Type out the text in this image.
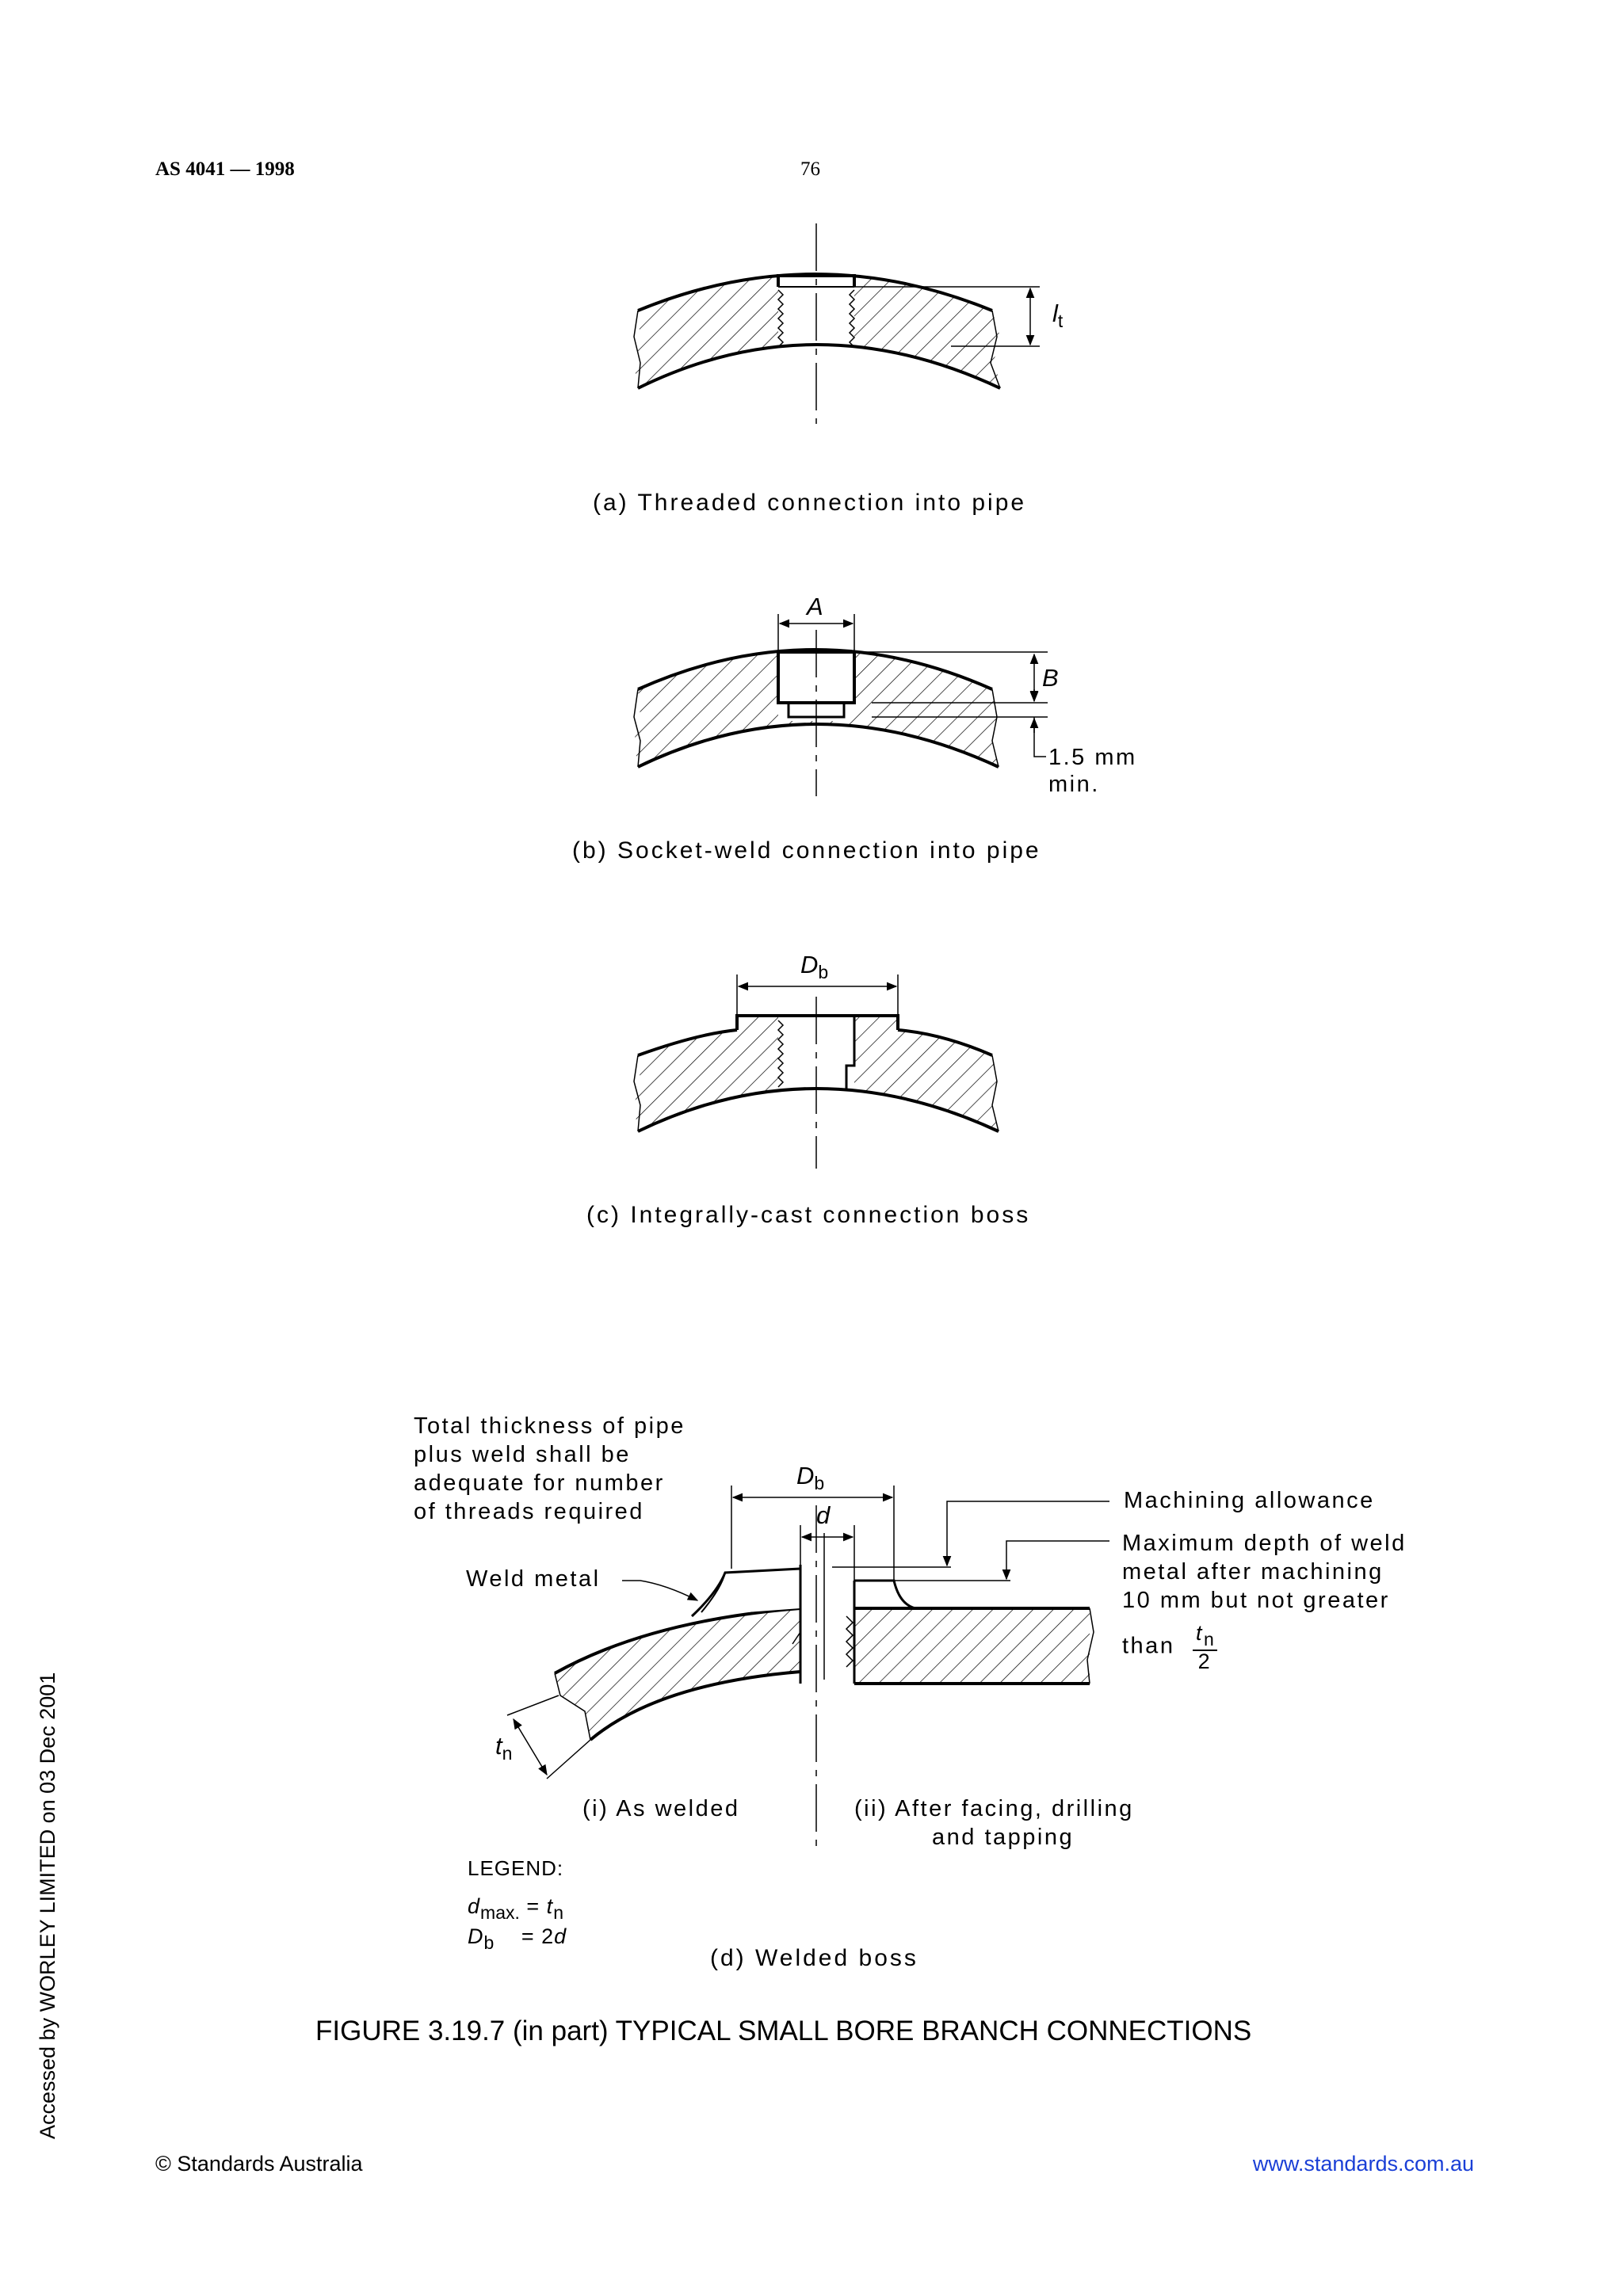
AS 4041 — 1998	76
$l_t$
(a) Threaded connection into pipe
A
B
1.5 mm
min.
(b) Socket-weld connection into pipe
$D_b$
(c) Integrally-cast connection boss
Total thickness of pipe
plus weld shall be
adequate for number
of threads required
$D_b$
d
Machining allowance
Maximum depth of weld
metal after machining
10 mm but not greater
than $\frac{tn}{2}$
Weld metal
$t_n$
(i) As welded	(ii) After facing, drilling
and tapping
LEGEND:
dmax. = tn
Db = 2d
(d) Welded boss
FIGURE 3.19.7 (in part) TYPICAL SMALL BORE BRANCH CONNECTIONS
Accessed by WORLEY LIMITED on 03 Dec 2001
© Standards Australia	www.standards.com.au
